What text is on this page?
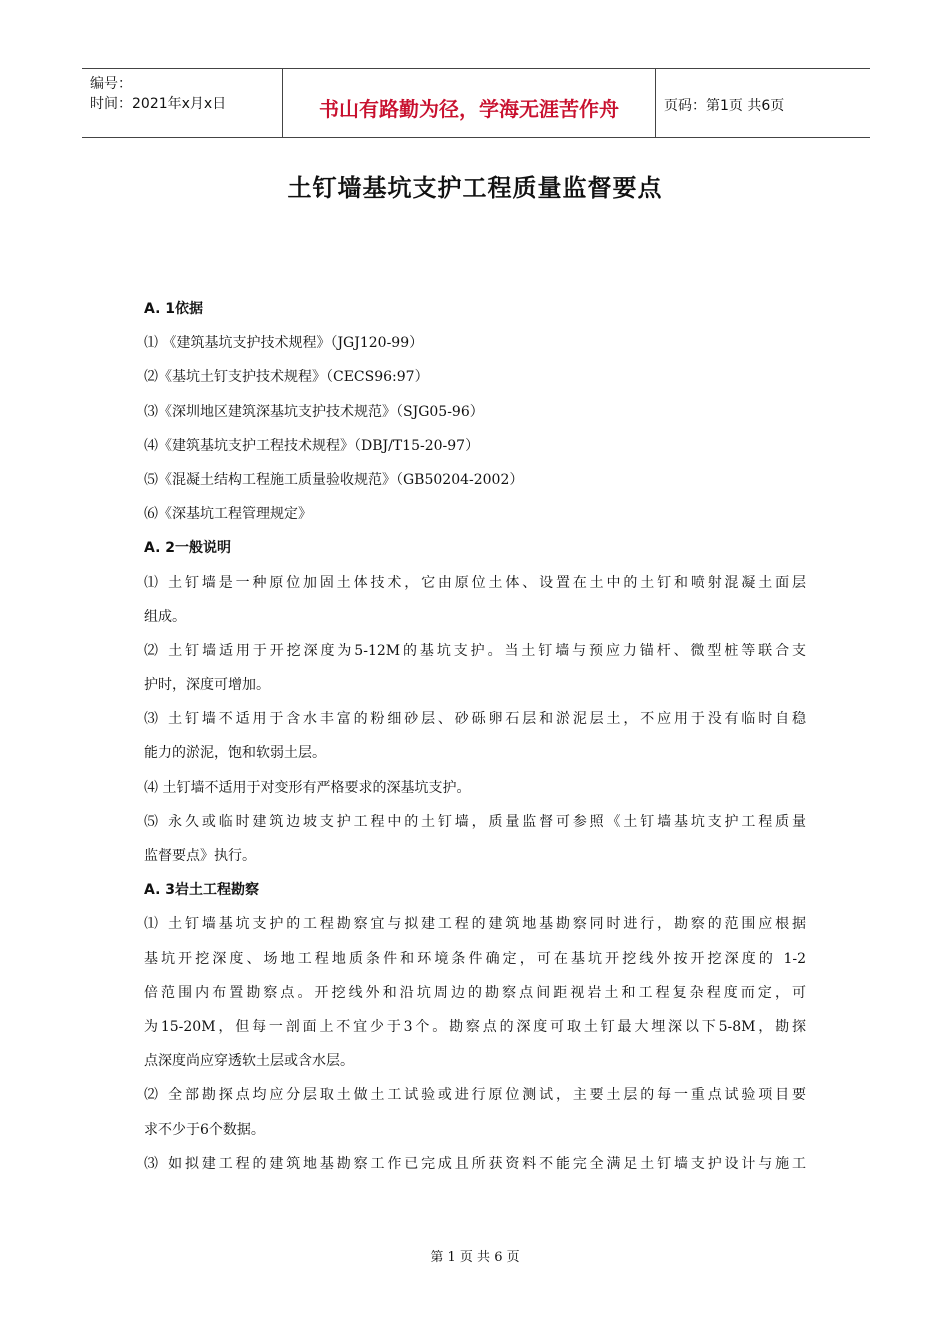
编号：
时间：2021年x月x日	书山有路勤为径，学海无涯苦作舟	页码：第1页 共6页
土钉墙基坑支护工程质量监督要点
A. 1依据
⑴ 《建筑基坑支护技术规程》（JGJ120-99）
⑵《基坑土钉支护技术规程》（CECS96:97）
⑶《深圳地区建筑深基坑支护技术规范》（SJG05-96）
⑷《建筑基坑支护工程技术规程》（DBJ/T15-20-97）
⑸《混凝土结构工程施工质量验收规范》（GB50204-2002）
⑹《深基坑工程管理规定》
A. 2一般说明
⑴ 土钉墙是一种原位加固土体技术，它由原位土体、设置在土中的土钉和喷射混凝土面层
组成。
⑵ 土钉墙适用于开挖深度为5-12M的基坑支护。当土钉墙与预应力锚杆、微型桩等联合支
护时，深度可增加。
⑶ 土钉墙不适用于含水丰富的粉细砂层、砂砾卵石层和淤泥层土，不应用于没有临时自稳
能力的淤泥，饱和软弱土层。
⑷ 土钉墙不适用于对变形有严格要求的深基坑支护。
⑸ 永久或临时建筑边坡支护工程中的土钉墙，质量监督可参照《土钉墙基坑支护工程质量
监督要点》执行。
A. 3岩土工程勘察
⑴ 土钉墙基坑支护的工程勘察宜与拟建工程的建筑地基勘察同时进行，勘察的范围应根据
基坑开挖深度、场地工程地质条件和环境条件确定，可在基坑开挖线外按开挖深度的 1-2
倍范围内布置勘察点。开挖线外和沿坑周边的勘察点间距视岩土和工程复杂程度而定，可
为15-20M，但每一剖面上不宜少于3个。勘察点的深度可取土钉最大埋深以下5-8M，勘探
点深度尚应穿透软土层或含水层。
⑵ 全部勘探点均应分层取土做土工试验或进行原位测试，主要土层的每一重点试验项目要
求不少于6个数据。
⑶ 如拟建工程的建筑地基勘察工作已完成且所获资料不能完全满足土钉墙支护设计与施工
第 1 页 共 6 页
